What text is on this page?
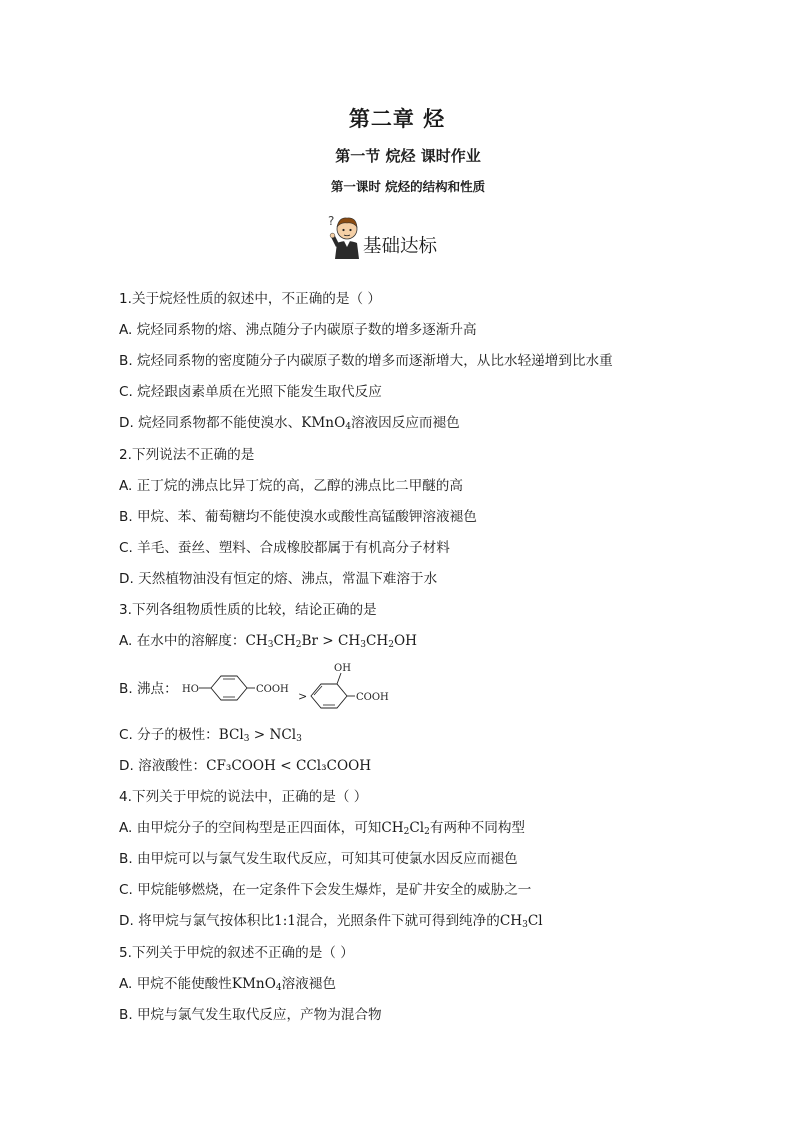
第二章 烃
第一节 烷烃 课时作业
第一课时 烷烃的结构和性质
?
基础达标
1.关于烷烃性质的叙述中，不正确的是（ ）
A. 烷烃同系物的熔、沸点随分子内碳原子数的增多逐渐升高
B. 烷烃同系物的密度随分子内碳原子数的增多而逐渐增大，从比水轻递增到比水重
C. 烷烃跟卤素单质在光照下能发生取代反应
D. 烷烃同系物都不能使溴水、KMnO$_4$溶液因反应而褪色
2.下列说法不正确的是
A. 正丁烷的沸点比异丁烷的高，乙醇的沸点比二甲醚的高
B. 甲烷、苯、葡萄糖均不能使溴水或酸性高锰酸钾溶液褪色
C. 羊毛、蚕丝、塑料、合成橡胶都属于有机高分子材料
D. 天然植物油没有恒定的熔、沸点，常温下难溶于水
3.下列各组物质性质的比较，结论正确的是
A. 在水中的溶解度：$CH_3CH_2Br > CH_3CH_2OH$
B. 沸点： HO	COOH
>
OH
COOH
C. 分子的极性：BCl$_3$ > NCl$_3$
D. 溶液酸性：CF₃COOH < CCl₃COOH
4.下列关于甲烷的说法中，正确的是（ ）
A. 由甲烷分子的空间构型是正四面体，可知$CH_2Cl_2$有两种不同构型
B. 由甲烷可以与氯气发生取代反应，可知其可使氯水因反应而褪色
C. 甲烷能够燃烧，在一定条件下会发生爆炸，是矿井安全的威胁之一
D. 将甲烷与氯气按体积比1:1混合，光照条件下就可得到纯净的$CH_3Cl$
5.下列关于甲烷的叙述不正确的是（ ）
A. 甲烷不能使酸性KMnO$_4$溶液褪色
B. 甲烷与氯气发生取代反应，产物为混合物
